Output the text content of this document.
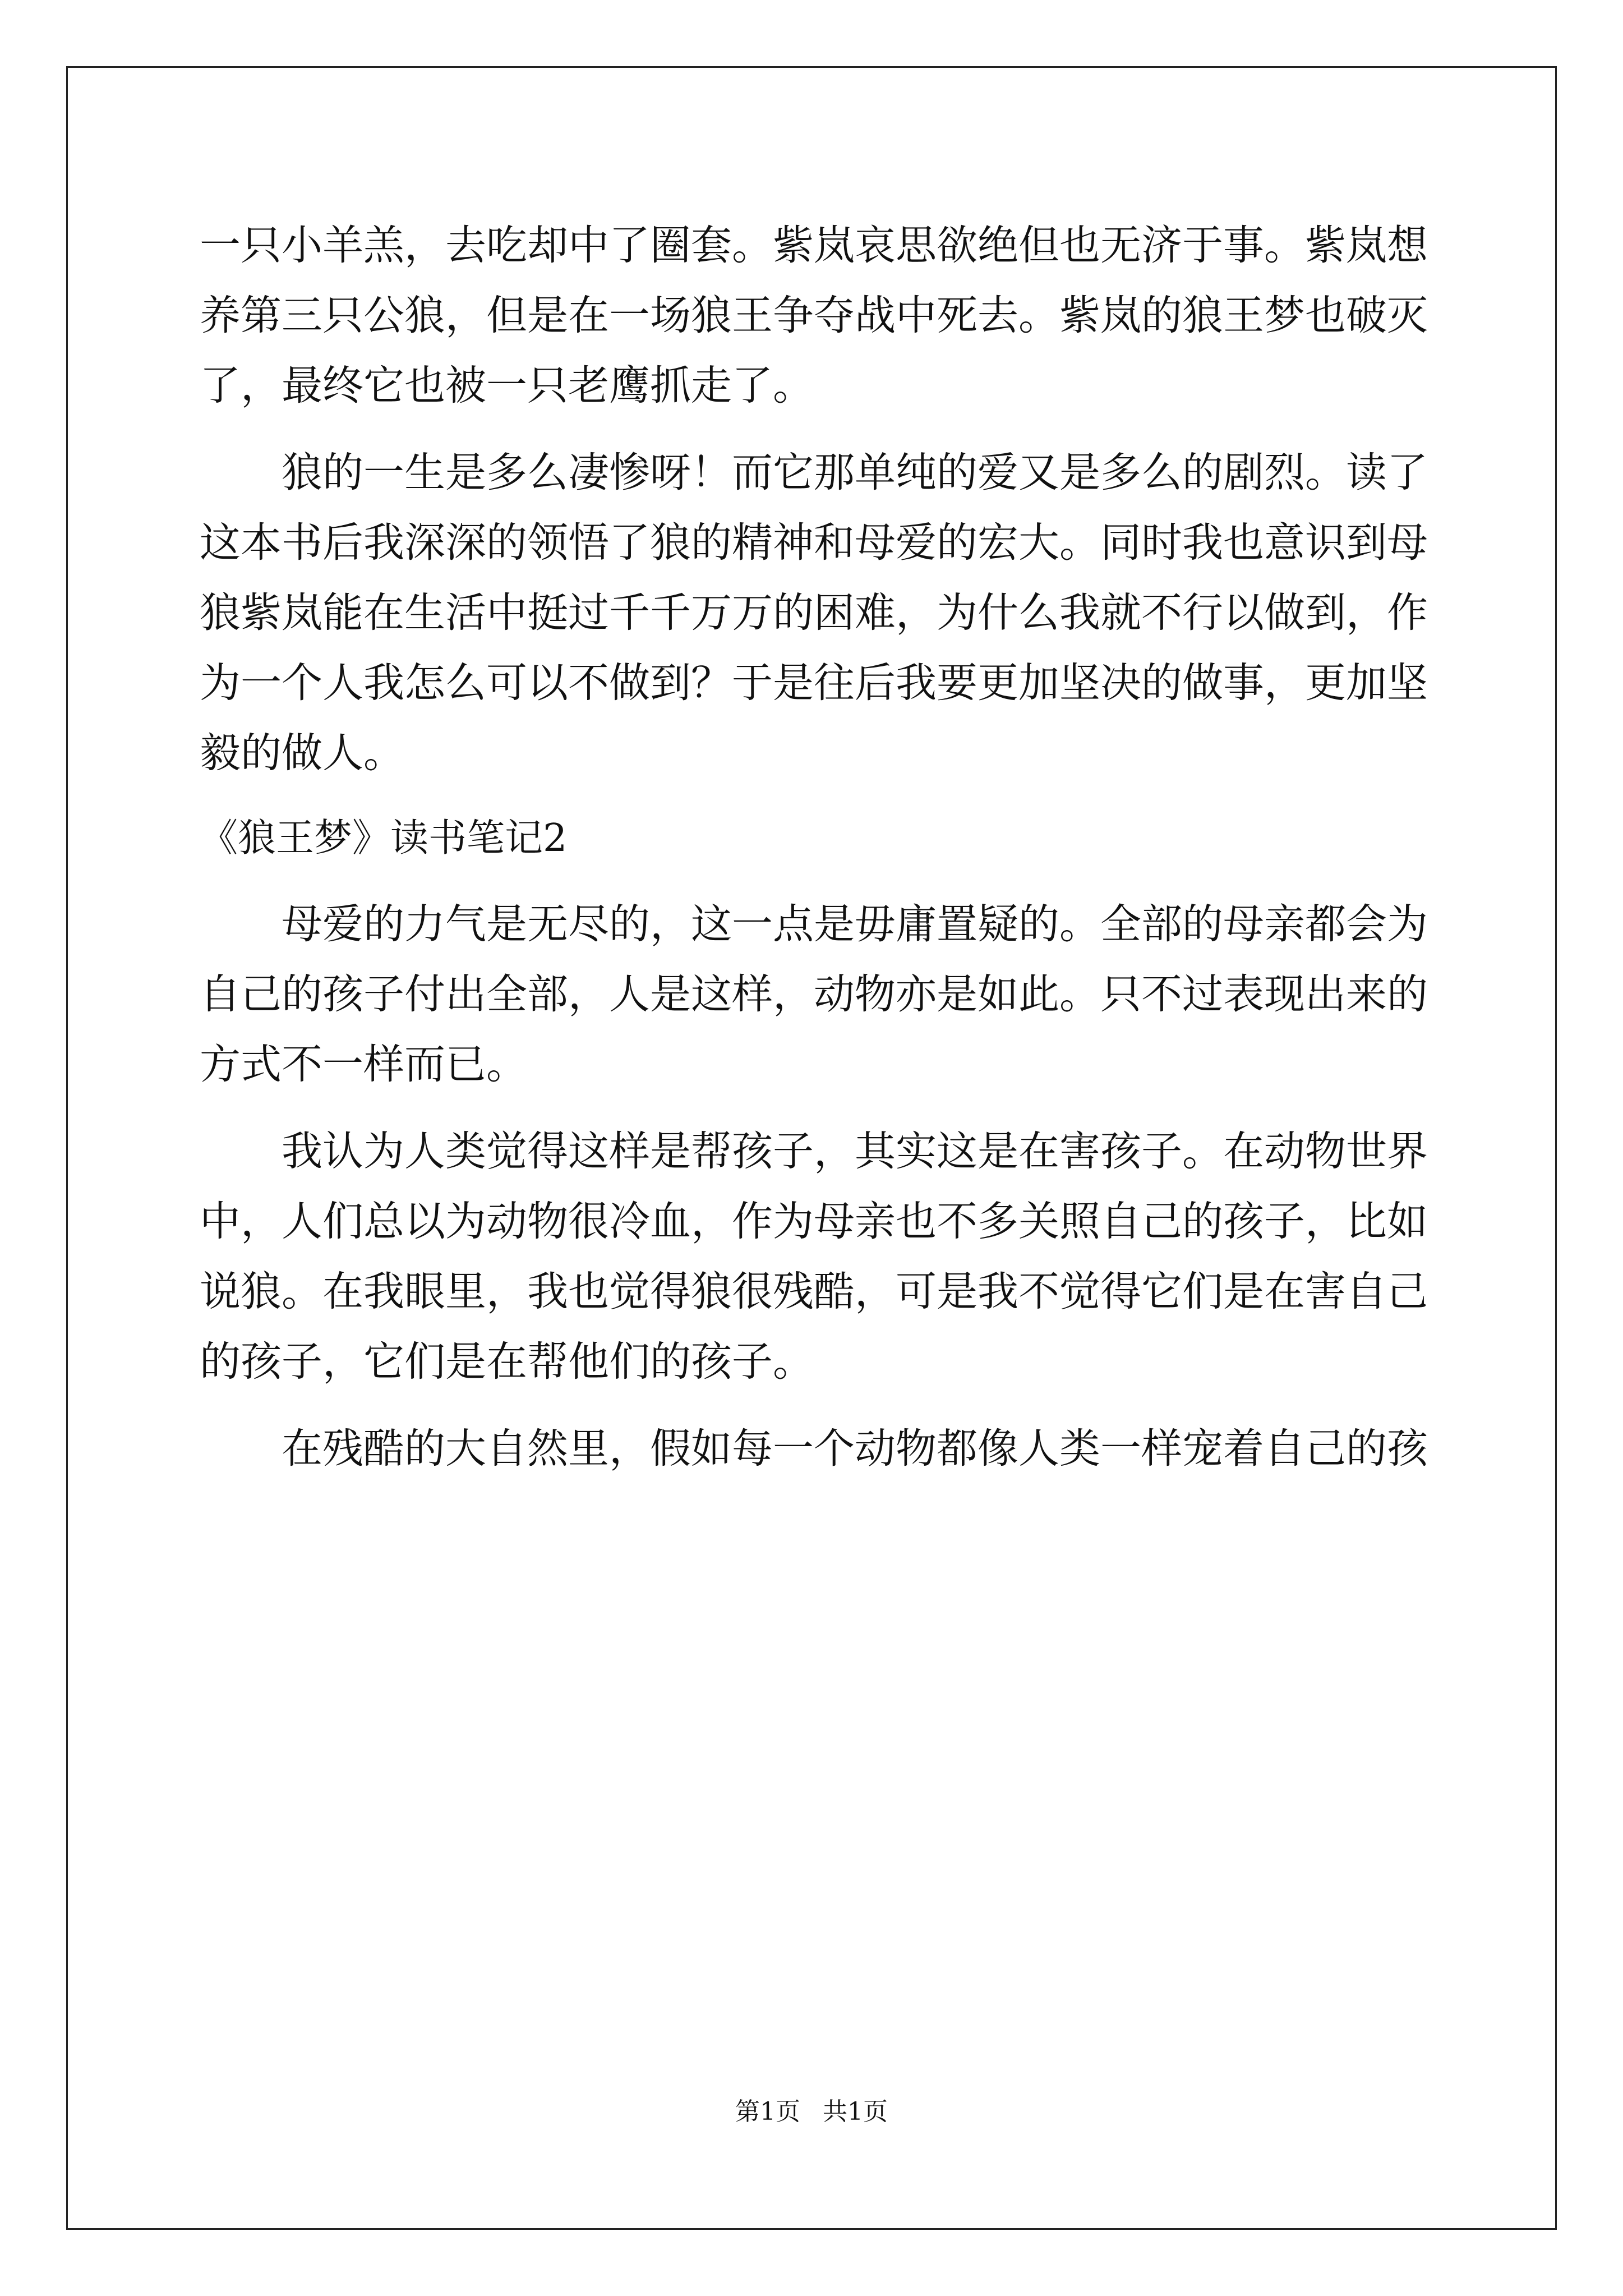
一只小羊羔，去吃却中了圈套。紫岚哀思欲绝但也无济于事。紫岚想
养第三只公狼，但是在一场狼王争夺战中死去。紫岚的狼王梦也破灭
了，最终它也被一只老鹰抓走了。
狼的一生是多么凄惨呀！而它那单纯的爱又是多么的剧烈。读了
这本书后我深深的领悟了狼的精神和母爱的宏大。同时我也意识到母
狼紫岚能在生活中挺过千千万万的困难，为什么我就不行以做到，作
为一个人我怎么可以不做到？于是往后我要更加坚决的做事，更加坚
毅的做人。
《狼王梦》读书笔记2
母爱的力气是无尽的，这一点是毋庸置疑的。全部的母亲都会为
自己的孩子付出全部，人是这样，动物亦是如此。只不过表现出来的
方式不一样而已。
我认为人类觉得这样是帮孩子，其实这是在害孩子。在动物世界
中，人们总以为动物很冷血，作为母亲也不多关照自己的孩子，比如
说狼。在我眼里，我也觉得狼很残酷，可是我不觉得它们是在害自己
的孩子，它们是在帮他们的孩子。
在残酷的大自然里，假如每一个动物都像人类一样宠着自己的孩
第1页 共1页
